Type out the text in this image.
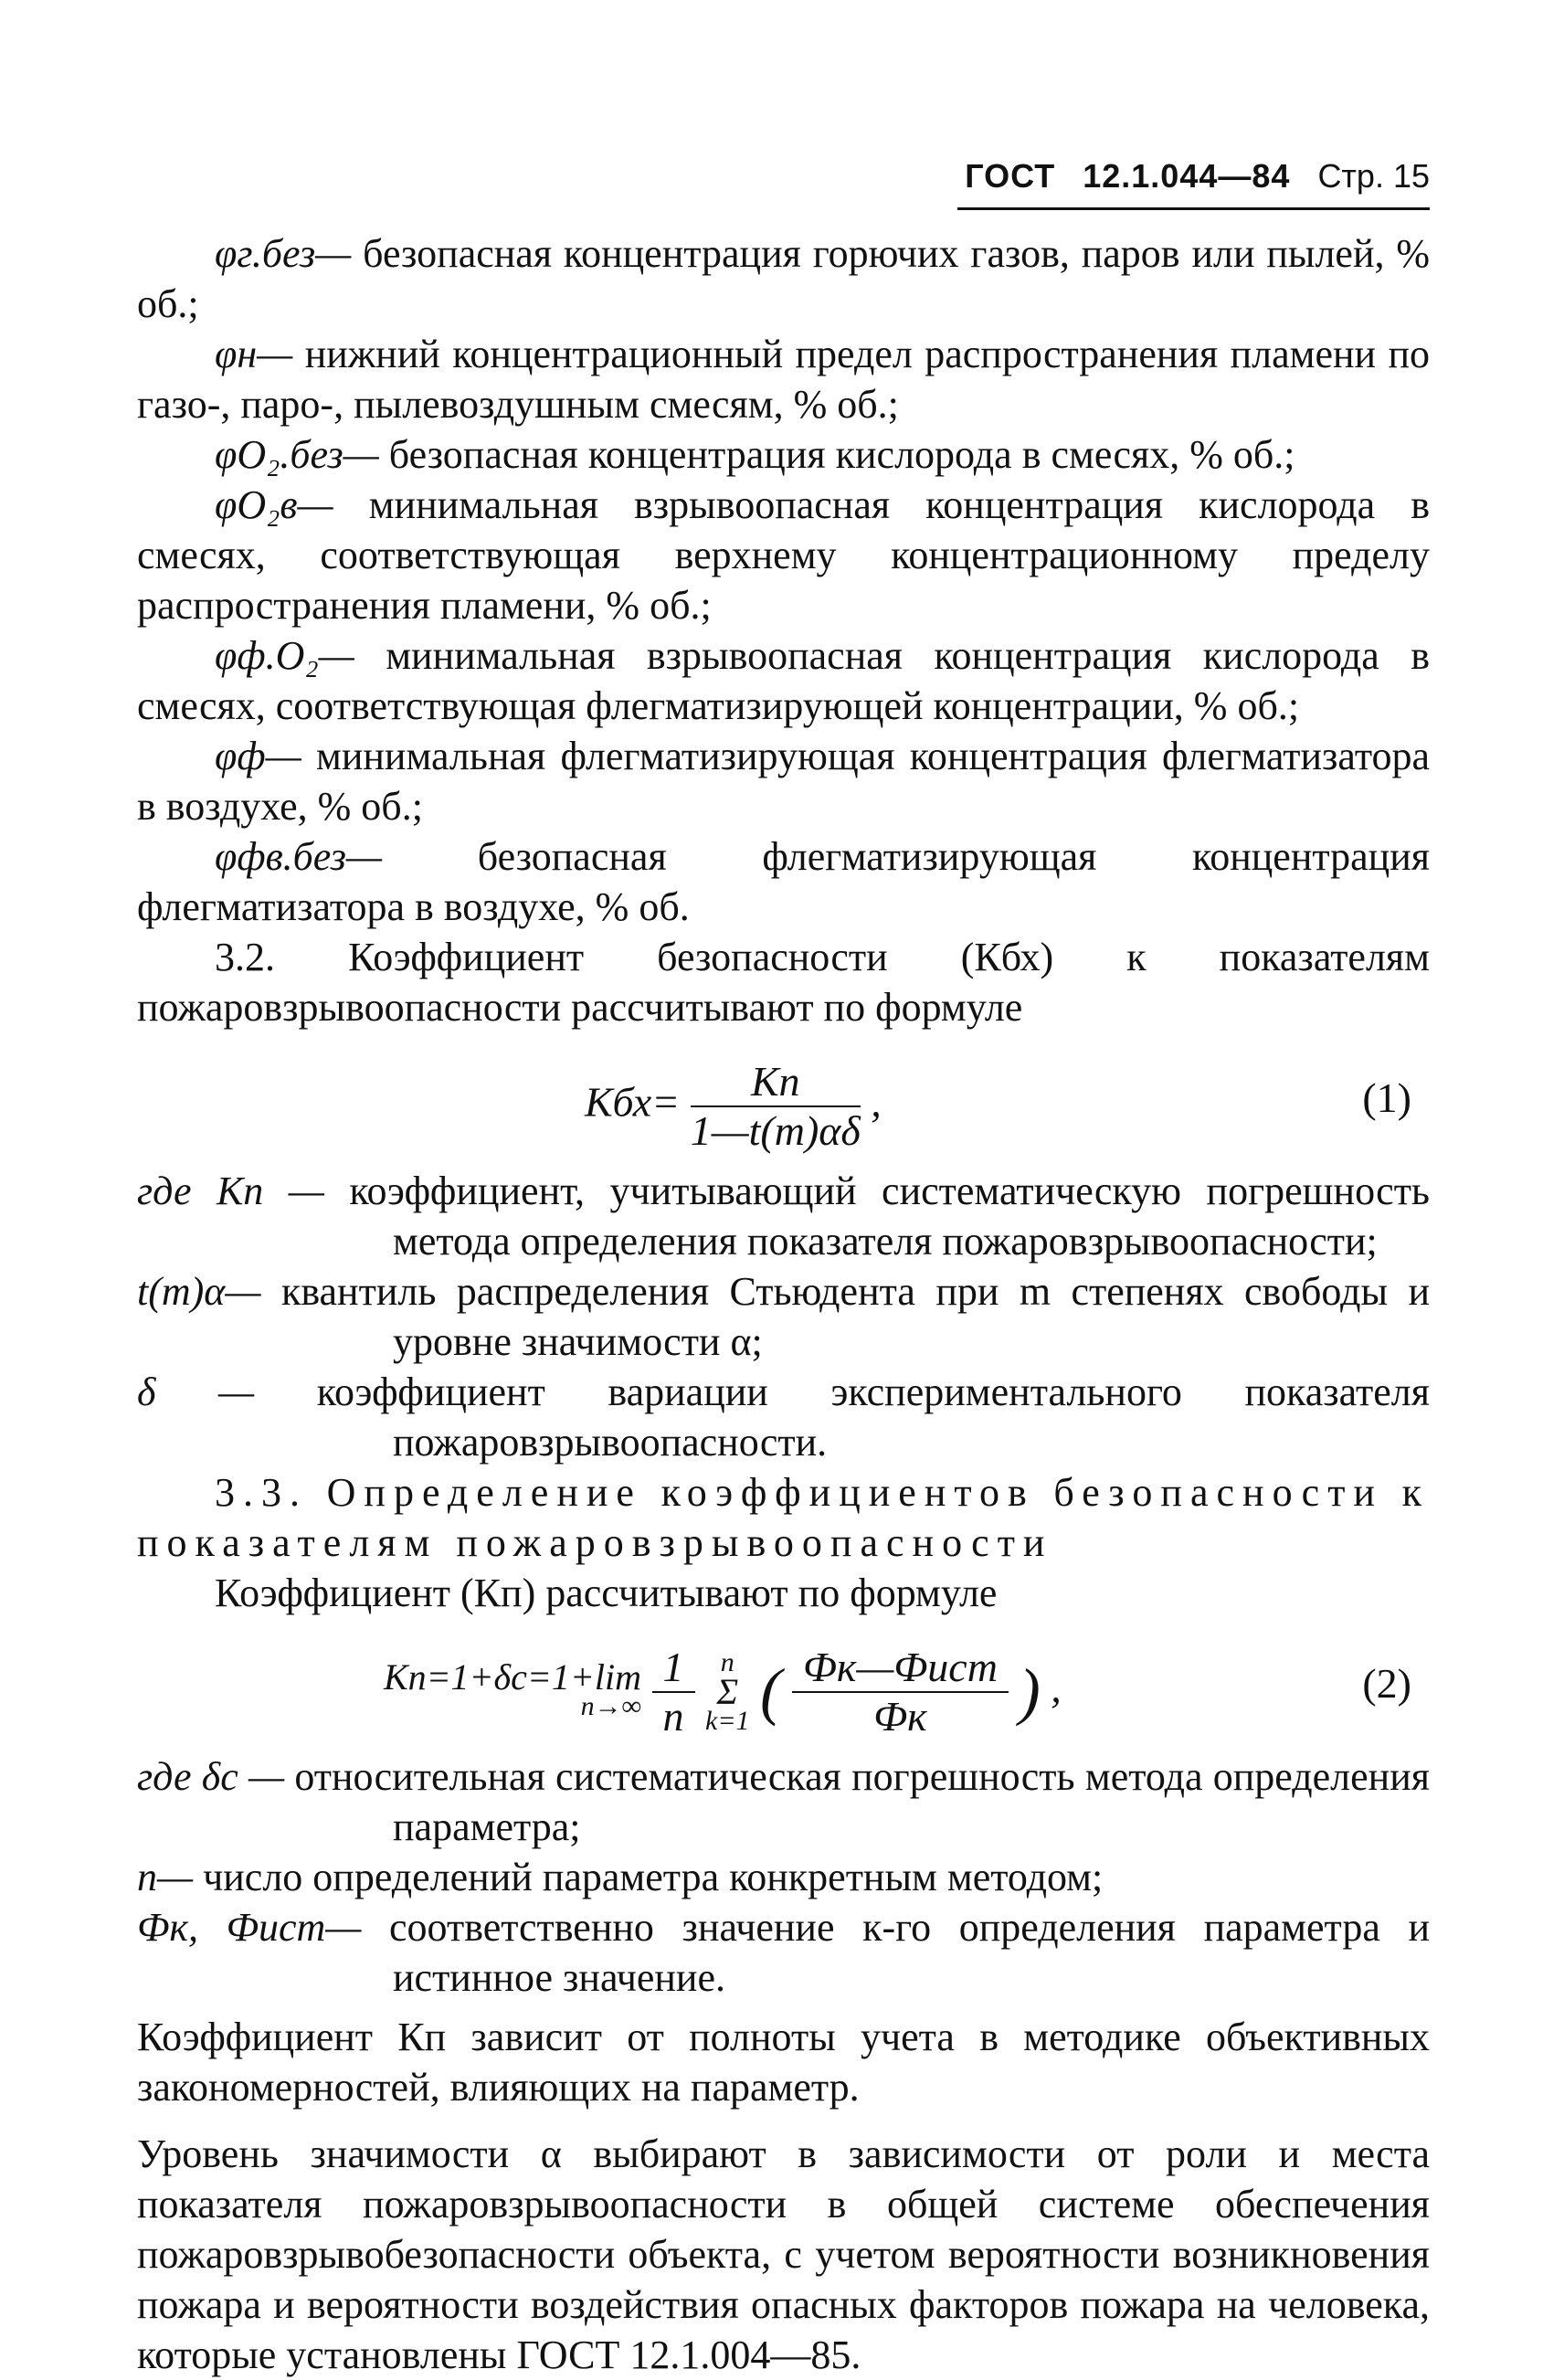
ГОСТ 12.1.044—84 Стр. 15

φг.без— безопасная концентрация горючих газов, паров или пылей, % об.;

φн— нижний концентрационный предел распространения пламени по газо-, паро-, пылевоздушным смесям, % об.;

φO₂.без— безопасная концентрация кислорода в смесях, % об.;

φO₂в— минимальная взрывоопасная концентрация кислорода в смесях, соответствующая верхнему концентрационному пределу распространения пламени, % об.;

φф.O₂— минимальная взрывоопасная концентрация кислорода в смесях, соответствующая флегматизирующей концентрации, % об.;

φф— минимальная флегматизирующая концентрация флегматизатора в воздухе, % об.;

φфв.без— безопасная флегматизирующая концентрация флегматизатора в воздухе, % об.

3.2. Коэффициент безопасности (Кбх) к показателям пожаровзрывоопасности рассчитывают по формуле

$Кбх= \frac{Кп}{1—t(m)\alpha\delta}$ ,	(1)

где Кп — коэффициент, учитывающий систематическую погрешность метода определения показателя пожаровзрывоопасности;

t(m)α— квантиль распределения Стьюдента при m степенях свободы и уровне значимости α;

δ — коэффициент вариации экспериментального показателя пожаровзрывоопасности.

3.3. Определение коэффициентов безопасности к показателям пожаровзрывоопасности

Коэффициент (Кп) рассчитывают по формуле

Кп=1+δс=1+lim
n→∞
$\frac{1}{n}$
n
Σ
k=1 ( $\frac{\text{Фк—Фист}}{Фк}$ ) ,	(2)

где δс — относительная систематическая погрешность метода определения параметра;

n— число определений параметра конкретным методом;

Фк, Фист— соответственно значение к-го определения параметра и истинное значение.

Коэффициент Кп зависит от полноты учета в методике объективных закономерностей, влияющих на параметр.

Уровень значимости α выбирают в зависимости от роли и места показателя пожаровзрывоопасности в общей системе обеспечения пожаровзрывобезопасности объекта, с учетом вероятности возникновения пожара и вероятности воздействия опасных факторов пожара на человека, которые установлены ГОСТ 12.1.004—85.
